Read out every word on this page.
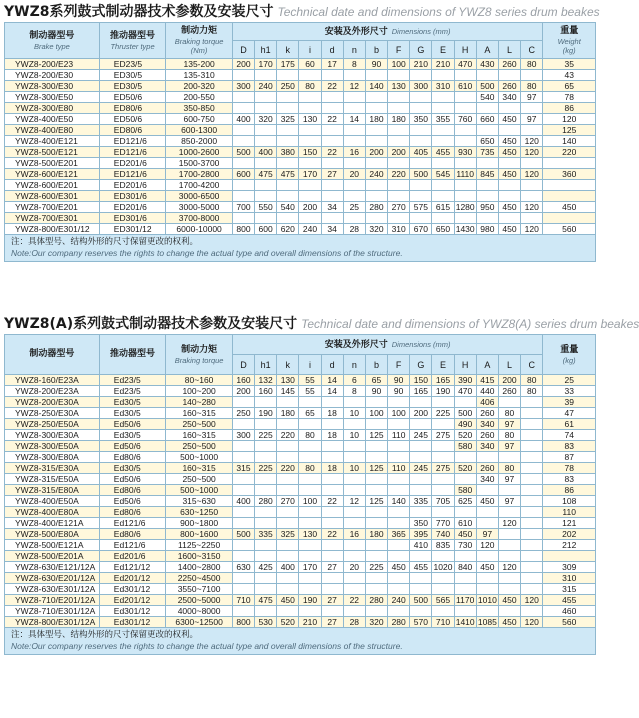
YWZ8系列鼓式制动器技术参数及安装尺寸 Technical date and dimensions of YWZ8 series drum beakes
制动器型号
Brake type	推动器型号
Thruster type	制动力矩
Braking torque
(Nm)	安装及外形尺寸 Dimensions (mm)														重量
Weight
(kg)

			D	h1	k	i	d	n	b	F	G	E	H	A	L	C	
YWZ8-200/E23	ED23/5	135-200	200	170	175	60	17	8	90	100	210	210	470	430	260	80	35
YWZ8-200/E30	ED30/5	135-310															43
YWZ8-300/E30	ED30/5	200-320	300	240	250	80	22	12	140	130	300	310	610	500	260	80	65
YWZ8-300/E50	ED50/6	200-550												540	340	97	78
YWZ8-300/E80	ED80/6	350-850															86
YWZ8-400/E50	ED50/6	600-750	400	320	325	130	22	14	180	180	350	355	760	660	450	97	120
YWZ8-400/E80	ED80/6	600-1300															125
YWZ8-400/E121	ED121/6	850-2000												650	450	120	140
YWZ8-500/E121	ED121/6	1000-2600	500	400	380	150	22	16	200	200	405	455	930	735	450	120	220
YWZ8-500/E201	ED201/6	1500-3700															
YWZ8-600/E121	ED121/6	1700-2800	600	475	475	170	27	20	240	220	500	545	1110	845	450	120	360
YWZ8-600/E201	ED201/6	1700-4200															
YWZ8-600/E301	ED301/6	3000-6500															
YWZ8-700/E201	ED201/6	3000-5000	700	550	540	200	34	25	280	270	575	615	1280	950	450	120	450
YWZ8-700/E301	ED301/6	3700-8000															
YWZ8-800/E301/12	ED301/12	6000-10000	800	600	620	240	34	28	320	310	670	650	1430	980	450	120	560
注：具体型号、结构外形的尺寸保留更改的权利。
Note:Our company reserves the rights to change the actual type and overall dimensions of the structure.
YWZ8(A)系列鼓式制动器技术参数及安装尺寸 Technical date and dimensions of YWZ8(A) series drum beakes
制动器型号	推动器型号	制动力矩
Braking torque	安装及外形尺寸 Dimensions (mm)														重量
(kg)

			D	h1	k	i	d	n	b	F	G	E	H	A	L	C	
YWZ8-160/E23A	Ed23/5	80~160	160	132	130	55	14	6	65	90	150	165	390	415	200	80	25
YWZ8-200/E23A	Ed23/5	100~200	200	160	145	55	14	8	90	90	165	190	470	440	260	80	33
YWZ8-200/E30A	Ed30/5	140~280												406			39
YWZ8-250/E30A	Ed30/5	160~315	250	190	180	65	18	10	100	100	200	225	500	260	80		47
YWZ8-250/E50A	Ed50/6	250~500											490	340	97		61
YWZ8-300/E30A	Ed30/5	160~315	300	225	220	80	18	10	125	110	245	275	520	260	80		74
YWZ8-300/E50A	Ed50/6	250~500											580	340	97		83
YWZ8-300/E80A	Ed80/6	500~1000															87
YWZ8-315/E30A	Ed30/5	160~315	315	225	220	80	18	10	125	110	245	275	520	260	80		78
YWZ8-315/E50A	Ed50/6	250~500												340	97		83
YWZ8-315/E80A	Ed80/6	500~1000											580				86
YWZ8-400/E50A	Ed50/6	315~630	400	280	270	100	22	12	125	140	335	705	625	450	97		108
YWZ8-400/E80A	Ed80/6	630~1250															110
YWZ8-400/E121A	Ed121/6	900~1800									350	770	610		120		121
YWZ8-500/E80A	Ed80/6	800~1600	500	335	325	130	22	16	180	365	395	740	450	97			202
YWZ8-500/E121A	Ed121/6	1125~2250									410	835	730	120			212
YWZ8-500/E201A	Ed201/6	1600~3150															
YWZ8-630/E121/12A	Ed121/12	1400~2800	630	425	400	170	27	20	225	450	455	1020	840	450	120		309
YWZ8-630/E201/12A	Ed201/12	2250~4500															310
YWZ8-630/E301/12A	Ed301/12	3550~7100															315
YWZ8-710/E201/12A	Ed201/12	2500~5000	710	475	450	190	27	22	280	240	500	565	1170	1010	450	120	455
YWZ8-710/E301/12A	Ed301/12	4000~8000															460
YWZ8-800/E301/12A	Ed301/12	6300~12500	800	530	520	210	27	28	320	280	570	710	1410	1085	450	120	560
注：具体型号、结构外形的尺寸保留更改的权利。
Note:Our company reserves the rights to change the actual type and overall dimensions of the structure.
